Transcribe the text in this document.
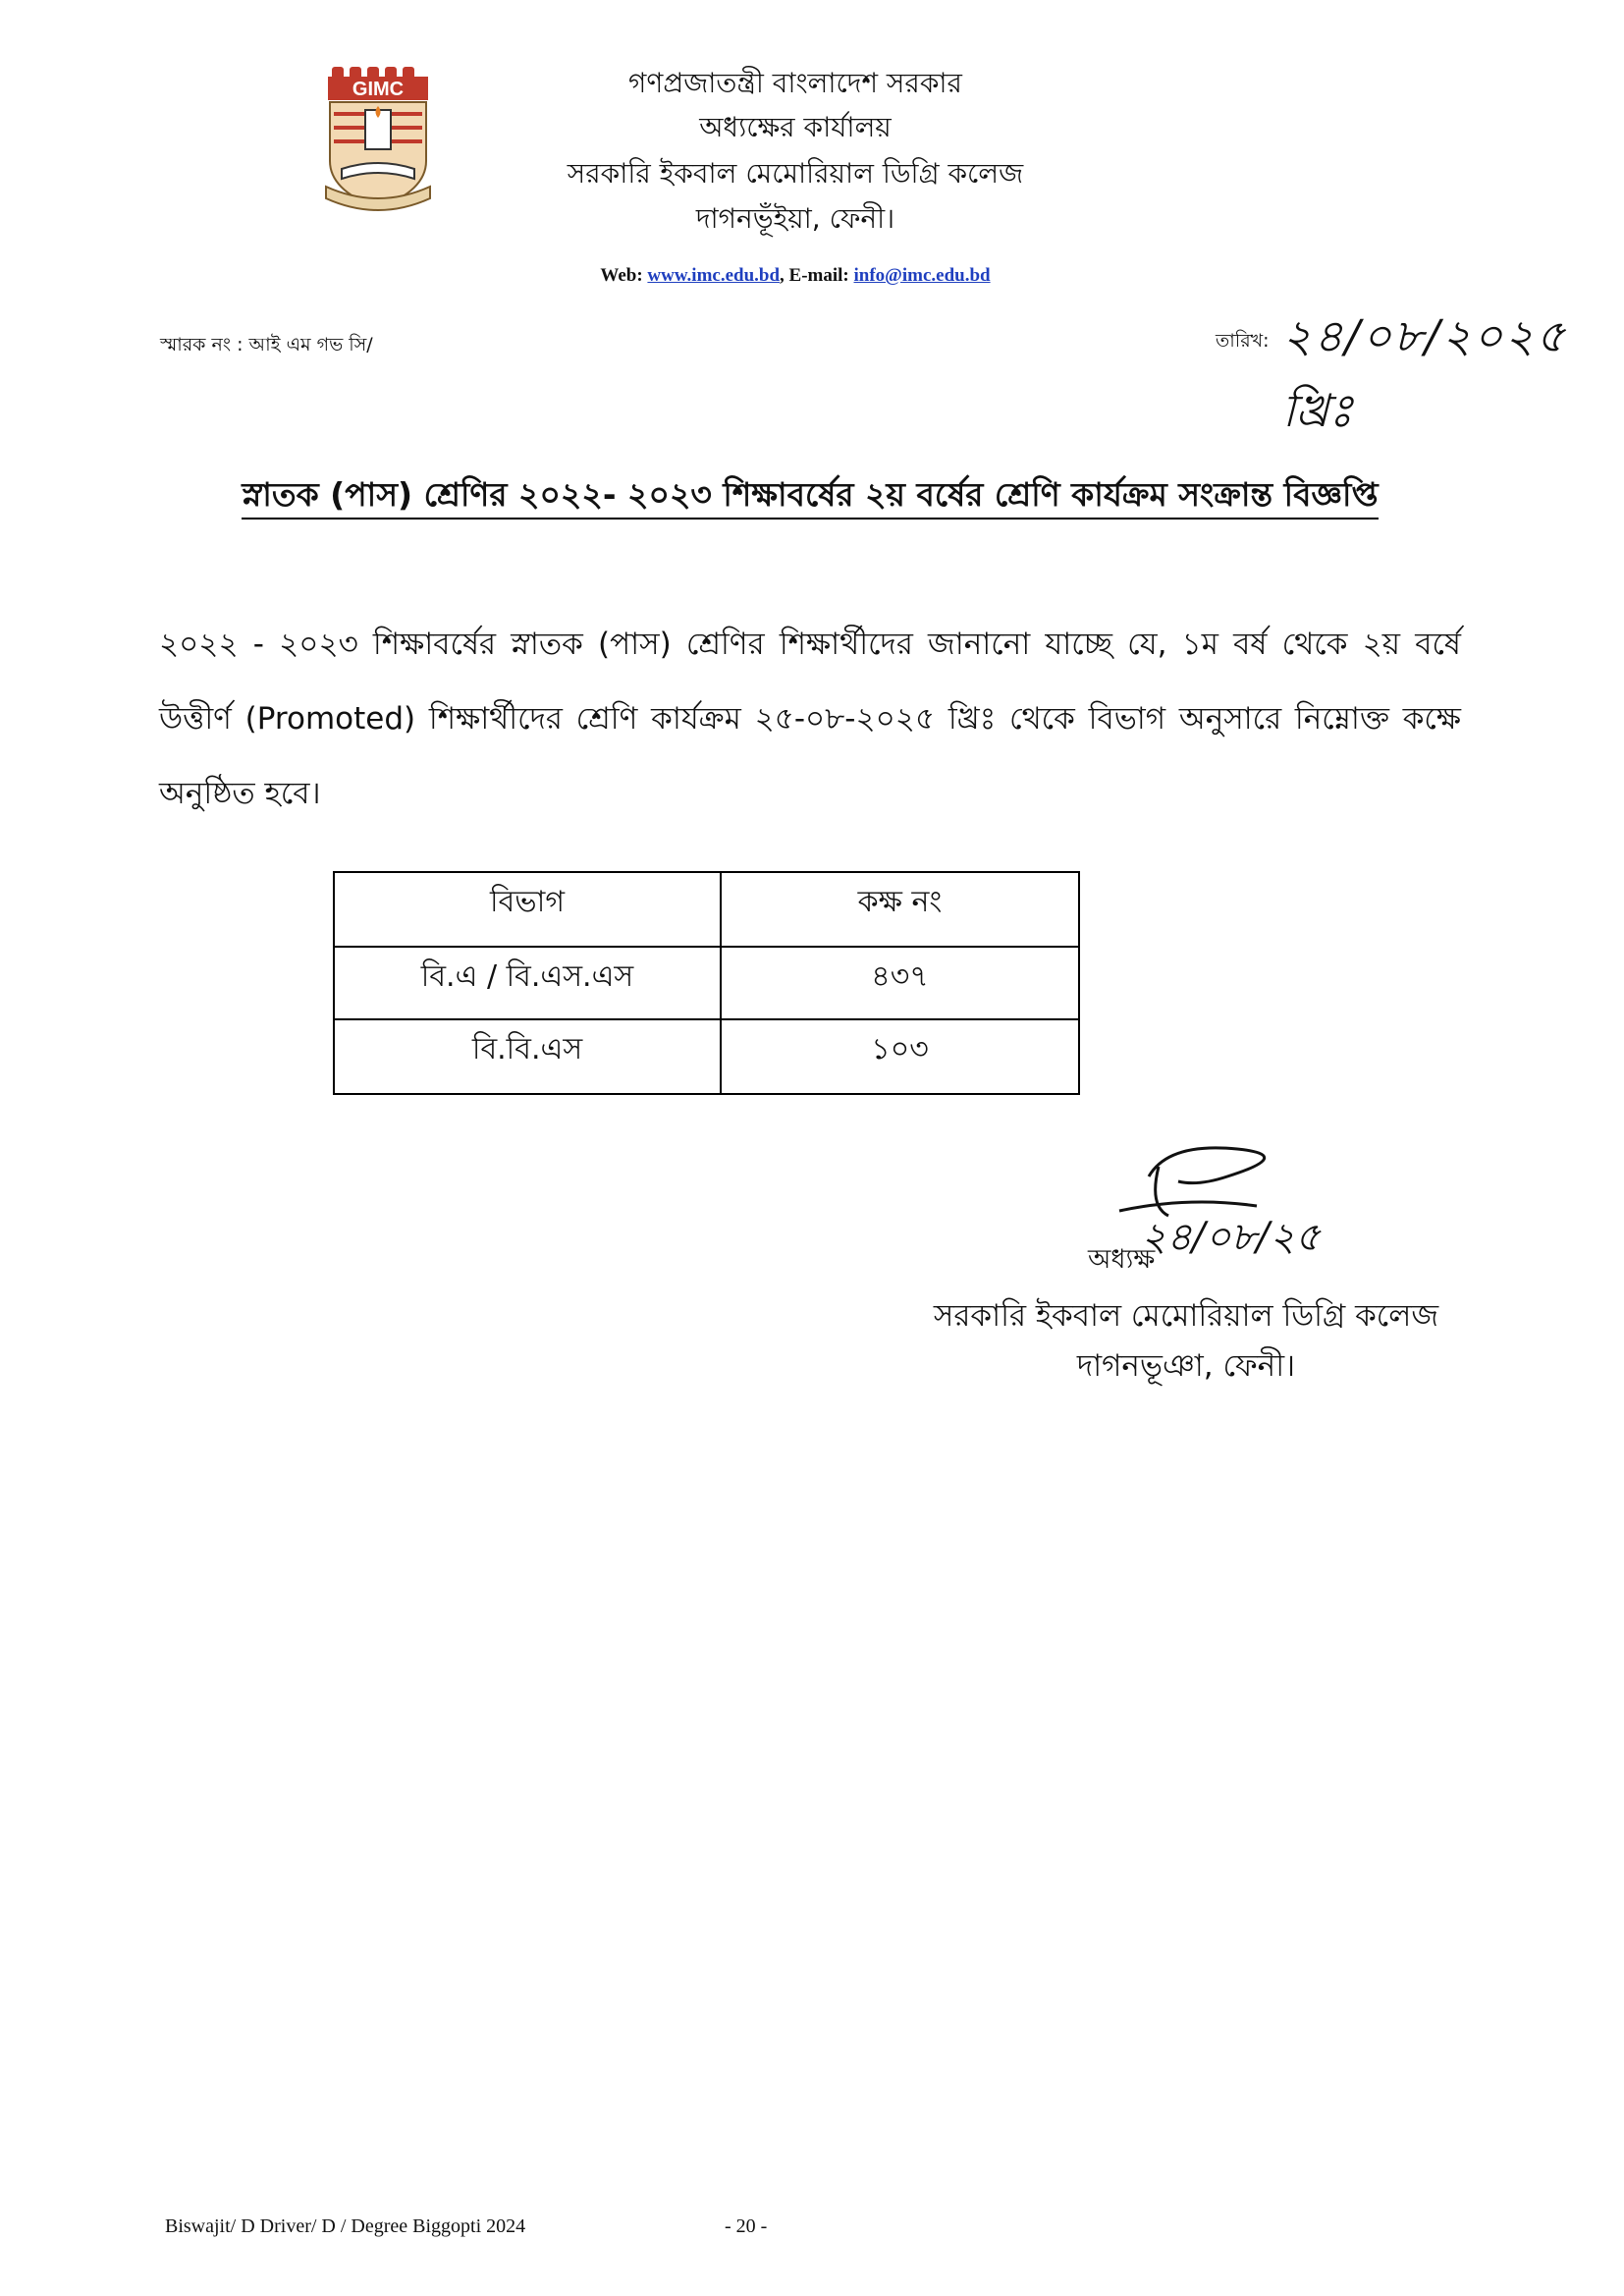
GIMC	গণপ্রজাতন্ত্রী বাংলাদেশ সরকার
অধ্যক্ষের কার্যালয়
সরকারি ইকবাল মেমোরিয়াল ডিগ্রি কলেজ
দাগনভূঁইয়া, ফেনী।
Web: www.imc.edu.bd, E-mail: info@imc.edu.bd
স্মারক নং : আই এম গভ সি/	তারিখ: ২৪/০৮/২০২৫ খ্রিঃ
স্নাতক (পাস) শ্রেণির ২০২২- ২০২৩ শিক্ষাবর্ষের ২য় বর্ষের শ্রেণি কার্যক্রম সংক্রান্ত বিজ্ঞপ্তি
২০২২ - ২০২৩ শিক্ষাবর্ষের স্নাতক (পাস) শ্রেণির শিক্ষার্থীদের জানানো যাচ্ছে যে, ১ম বর্ষ থেকে ২য় বর্ষে উত্তীর্ণ (Promoted) শিক্ষার্থীদের শ্রেণি কার্যক্রম ২৫-০৮-২০২৫ খ্রিঃ থেকে বিভাগ অনুসারে নিম্নোক্ত কক্ষে অনুষ্ঠিত হবে।
বিভাগ	কক্ষ নং
বি.এ / বি.এস.এস	৪৩৭
বি.বি.এস	১০৩
২৪/০৮/২৫
অধ্যক্ষ
সরকারি ইকবাল মেমোরিয়াল ডিগ্রি কলেজ
দাগনভূঞা, ফেনী।
Biswajit/ D Driver/ D / Degree Biggopti 2024	- 20 -
